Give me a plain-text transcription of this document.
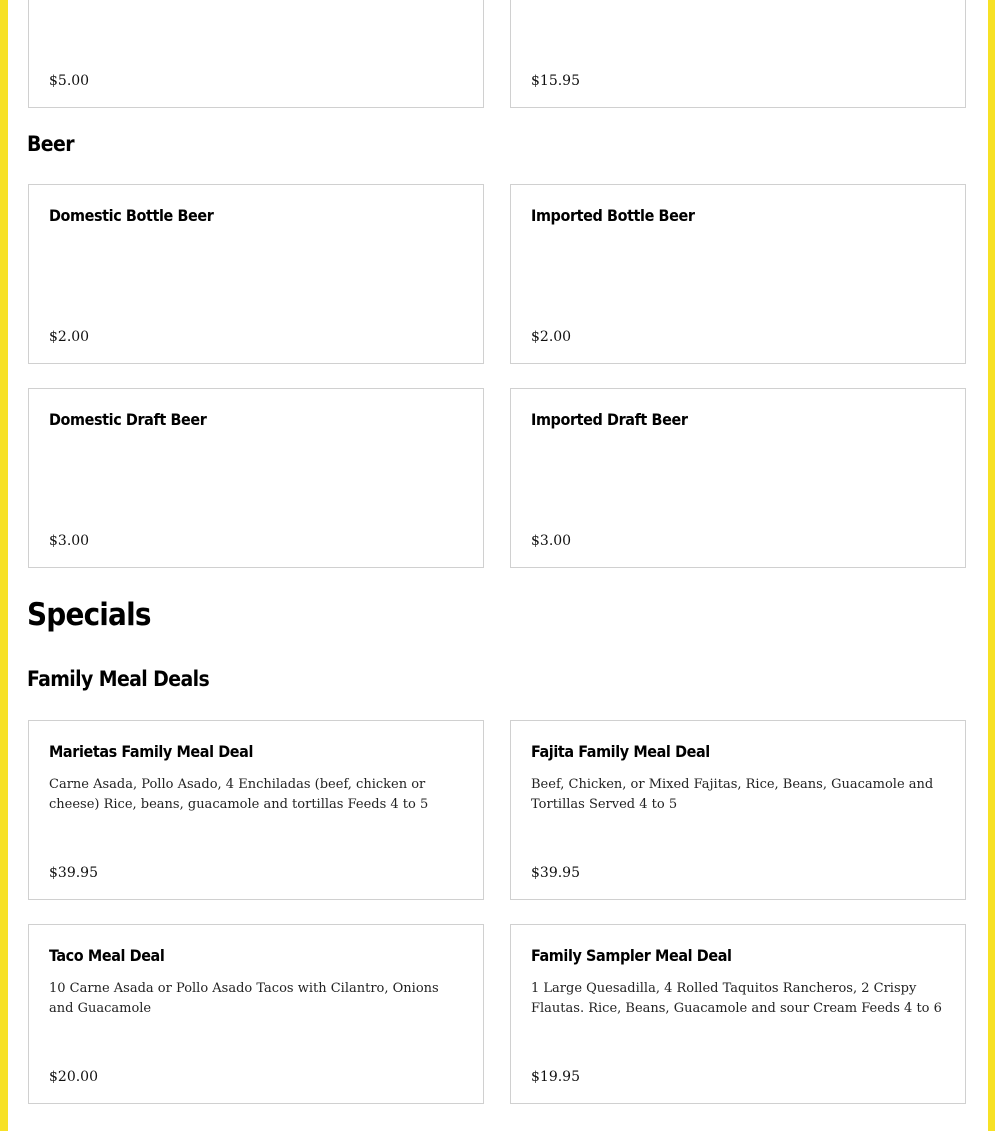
$5.00	$15.95
Beer
Domestic Bottle Beer
$2.00
Imported Bottle Beer
$2.00
Domestic Draft Beer
$3.00
Imported Draft Beer
$3.00
Specials
Family Meal Deals
Marietas Family Meal Deal
Carne Asada, Pollo Asado, 4 Enchiladas (beef, chicken or cheese) Rice, beans, guacamole and tortillas Feeds 4 to 5
$39.95
Fajita Family Meal Deal
Beef, Chicken, or Mixed Fajitas, Rice, Beans, Guacamole and Tortillas Served 4 to 5
$39.95
Taco Meal Deal
10 Carne Asada or Pollo Asado Tacos with Cilantro, Onions and Guacamole
$20.00
Family Sampler Meal Deal
1 Large Quesadilla, 4 Rolled Taquitos Rancheros, 2 Crispy Flautas. Rice, Beans, Guacamole and sour Cream Feeds 4 to 6
$19.95
